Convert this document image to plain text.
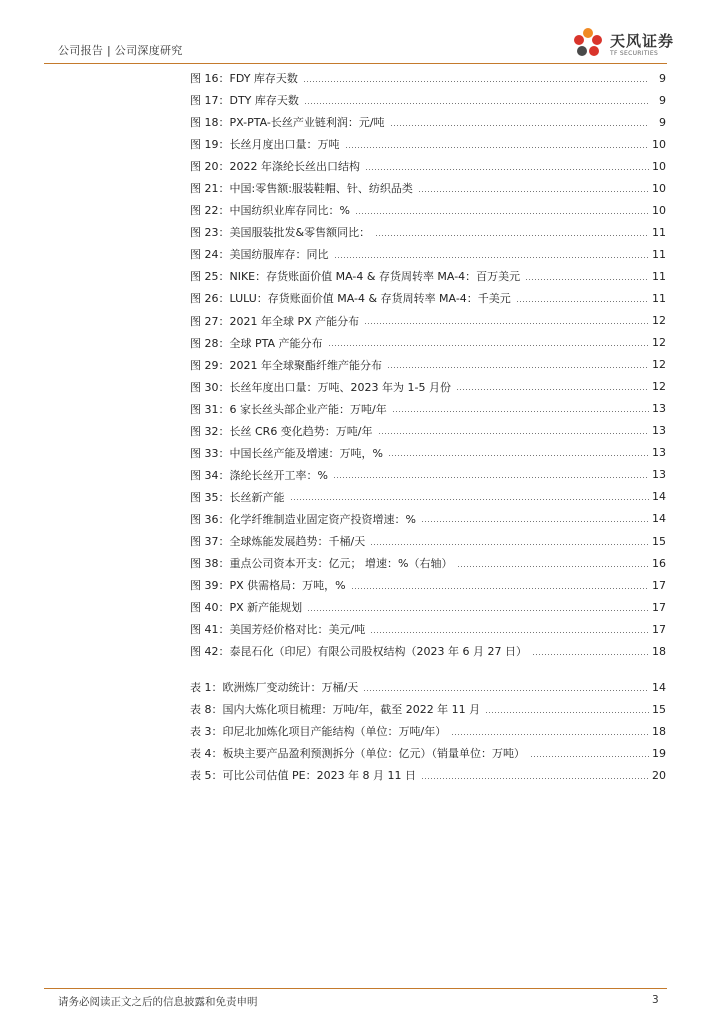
公司报告 | 公司深度研究
天风证券
TF SECURITIES
图 16：FDY 库存天数	9
图 17：DTY 库存天数	9
图 18：PX-PTA-长丝产业链利润：元/吨	9
图 19：长丝月度出口量：万吨	10
图 20：2022 年涤纶长丝出口结构	10
图 21：中国:零售额:服装鞋帽、针、纺织品类	10
图 22：中国纺织业库存同比：%	10
图 23：美国服装批发&零售额同比：	11
图 24：美国纺服库存：同比	11
图 25：NIKE：存货账面价值 MA-4 & 存货周转率 MA-4：百万美元	11
图 26：LULU：存货账面价值 MA-4 & 存货周转率 MA-4：千美元	11
图 27：2021 年全球 PX 产能分布	12
图 28：全球 PTA 产能分布	12
图 29：2021 年全球聚酯纤维产能分布	12
图 30：长丝年度出口量：万吨、2023 年为 1-5 月份	12
图 31：6 家长丝头部企业产能：万吨/年	13
图 32：长丝 CR6 变化趋势：万吨/年	13
图 33：中国长丝产能及增速：万吨，%	13
图 34：涤纶长丝开工率：%	13
图 35：长丝新产能	14
图 36：化学纤维制造业固定资产投资增速：%	14
图 37：全球炼能发展趋势：千桶/天	15
图 38：重点公司资本开支：亿元； 增速：%（右轴）	16
图 39：PX 供需格局：万吨，%	17
图 40：PX 新产能规划	17
图 41：美国芳烃价格对比：美元/吨	17
图 42：泰昆石化（印尼）有限公司股权结构（2023 年 6 月 27 日）	18
表 1：欧洲炼厂变动统计：万桶/天	14
表 8：国内大炼化项目梳理：万吨/年，截至 2022 年 11 月	15
表 3：印尼北加炼化项目产能结构（单位：万吨/年）	18
表 4：板块主要产品盈利预测拆分（单位：亿元）（销量单位：万吨）	19
表 5：可比公司估值 PE：2023 年 8 月 11 日	20
请务必阅读正文之后的信息披露和免责申明	3
